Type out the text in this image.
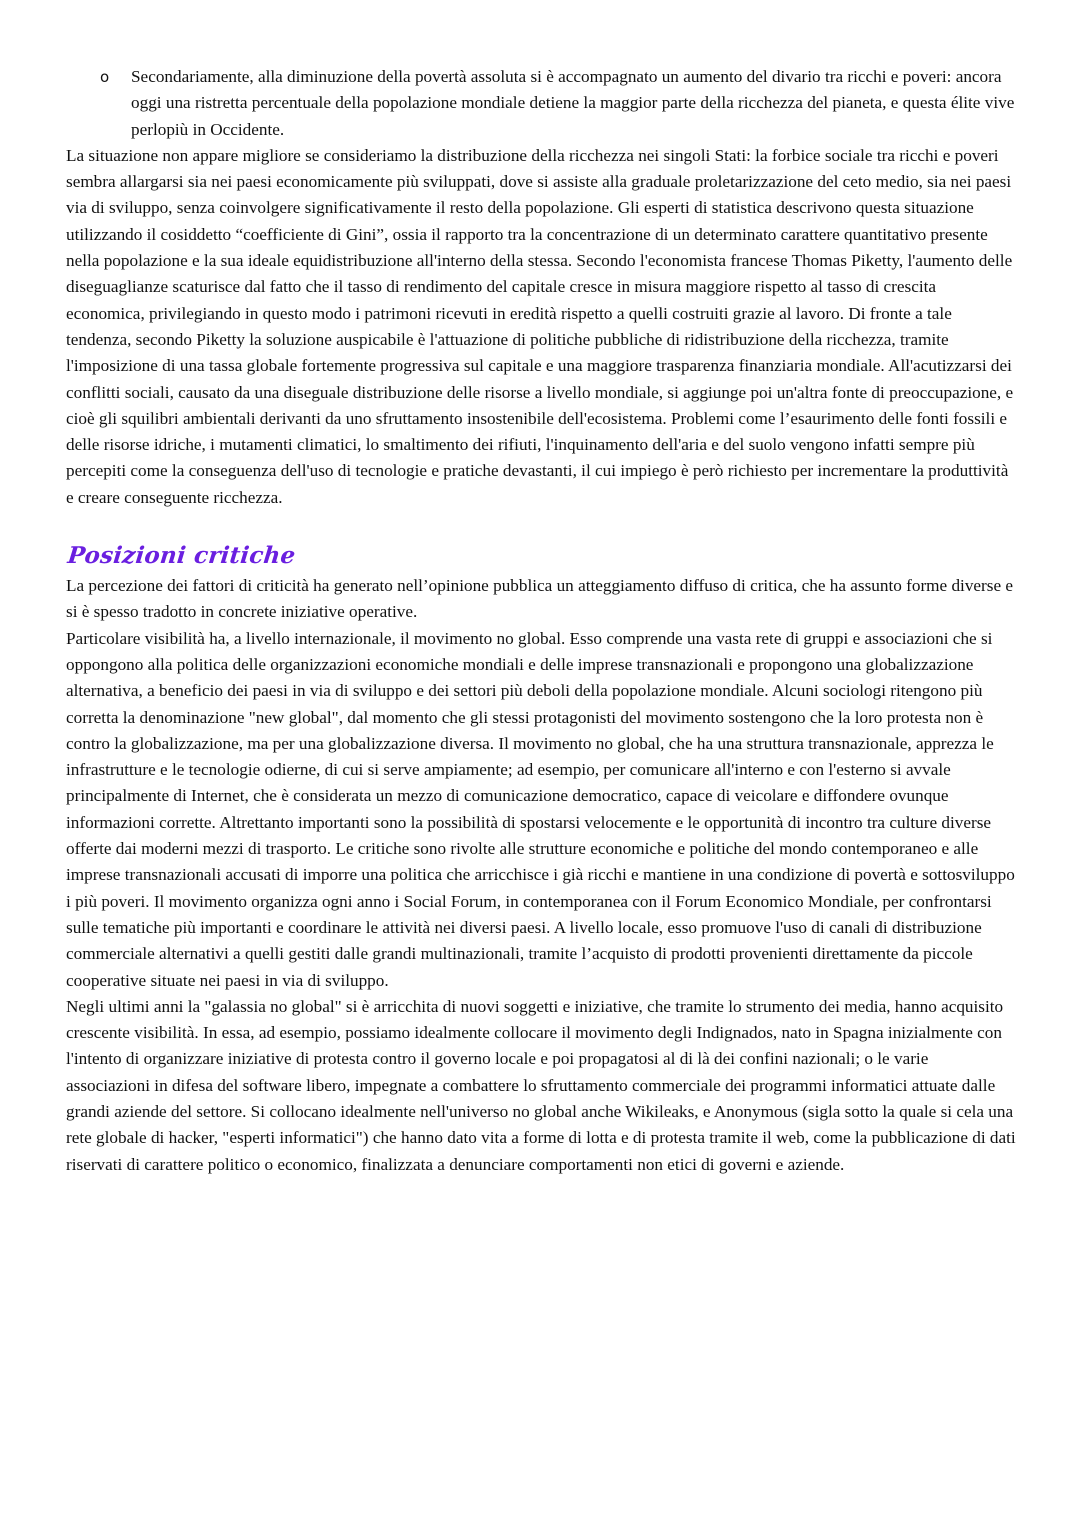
o	Secondariamente, alla diminuzione della povertà assoluta si è accompagnato un aumento del divario tra ricchi e poveri: ancora oggi una ristretta percentuale della popolazione mondiale detiene la maggior parte della ricchezza del pianeta, e questa élite vive perlopiù in Occidente.

La situazione non appare migliore se consideriamo la distribuzione della ricchezza nei singoli Stati: la forbice sociale tra ricchi e poveri sembra allargarsi sia nei paesi economicamente più sviluppati, dove si assiste alla graduale proletarizzazione del ceto medio, sia nei paesi via di sviluppo, senza coinvolgere significativamente il resto della popolazione. Gli esperti di statistica descrivono questa situazione utilizzando il cosiddetto “coefficiente di Gini”, ossia il rapporto tra la concentrazione di un determinato carattere quantitativo presente nella popolazione e la sua ideale equidistribuzione all'interno della stessa. Secondo l'economista francese Thomas Piketty, l'aumento delle diseguaglianze scaturisce dal fatto che il tasso di rendimento del capitale cresce in misura maggiore rispetto al tasso di crescita economica, privilegiando in questo modo i patrimoni ricevuti in eredità rispetto a quelli costruiti grazie al lavoro. Di fronte a tale tendenza, secondo Piketty la soluzione auspicabile è l'attuazione di politiche pubbliche di ridistribuzione della ricchezza, tramite l'imposizione di una tassa globale fortemente progressiva sul capitale e una maggiore trasparenza finanziaria mondiale. All'acutizzarsi dei conflitti sociali, causato da una diseguale distribuzione delle risorse a livello mondiale, si aggiunge poi un'altra fonte di preoccupazione, e cioè gli squilibri ambientali derivanti da uno sfruttamento insostenibile dell'ecosistema. Problemi come l’esaurimento delle fonti fossili e delle risorse idriche, i mutamenti climatici, lo smaltimento dei rifiuti, l'inquinamento dell'aria e del suolo vengono infatti sempre più percepiti come la conseguenza dell'uso di tecnologie e pratiche devastanti, il cui impiego è però richiesto per incrementare la produttività e creare conseguente ricchezza.

Posizioni critiche

La percezione dei fattori di criticità ha generato nell’opinione pubblica un atteggiamento diffuso di critica, che ha assunto forme diverse e si è spesso tradotto in concrete iniziative operative.

Particolare visibilità ha, a livello internazionale, il movimento no global. Esso comprende una vasta rete di gruppi e associazioni che si oppongono alla politica delle organizzazioni economiche mondiali e delle imprese transnazionali e propongono una globalizzazione alternativa, a beneficio dei paesi in via di sviluppo e dei settori più deboli della popolazione mondiale. Alcuni sociologi ritengono più corretta la denominazione "new global", dal momento che gli stessi protagonisti del movimento sostengono che la loro protesta non è contro la globalizzazione, ma per una globalizzazione diversa. Il movimento no global, che ha una struttura transnazionale, apprezza le infrastrutture e le tecnologie odierne, di cui si serve ampiamente; ad esempio, per comunicare all'interno e con l'esterno si avvale principalmente di Internet, che è considerata un mezzo di comunicazione democratico, capace di veicolare e diffondere ovunque informazioni corrette. Altrettanto importanti sono la possibilità di spostarsi velocemente e le opportunità di incontro tra culture diverse offerte dai moderni mezzi di trasporto. Le critiche sono rivolte alle strutture economiche e politiche del mondo contemporaneo e alle imprese transnazionali accusati di imporre una politica che arricchisce i già ricchi e mantiene in una condizione di povertà e sottosviluppo i più poveri. Il movimento organizza ogni anno i Social Forum, in contemporanea con il Forum Economico Mondiale, per confrontarsi sulle tematiche più importanti e coordinare le attività nei diversi paesi. A livello locale, esso promuove l'uso di canali di distribuzione commerciale alternativi a quelli gestiti dalle grandi multinazionali, tramite l’acquisto di prodotti provenienti direttamente da piccole cooperative situate nei paesi in via di sviluppo.

Negli ultimi anni la "galassia no global" si è arricchita di nuovi soggetti e iniziative, che tramite lo strumento dei media, hanno acquisito crescente visibilità. In essa, ad esempio, possiamo idealmente collocare il movimento degli Indignados, nato in Spagna inizialmente con l'intento di organizzare iniziative di protesta contro il governo locale e poi propagatosi al di là dei confini nazionali; o le varie associazioni in difesa del software libero, impegnate a combattere lo sfruttamento commerciale dei programmi informatici attuate dalle grandi aziende del settore. Si collocano idealmente nell'universo no global anche Wikileaks, e Anonymous (sigla sotto la quale si cela una rete globale di hacker, "esperti informatici") che hanno dato vita a forme di lotta e di protesta tramite il web, come la pubblicazione di dati riservati di carattere politico o economico, finalizzata a denunciare comportamenti non etici di governi e aziende.
